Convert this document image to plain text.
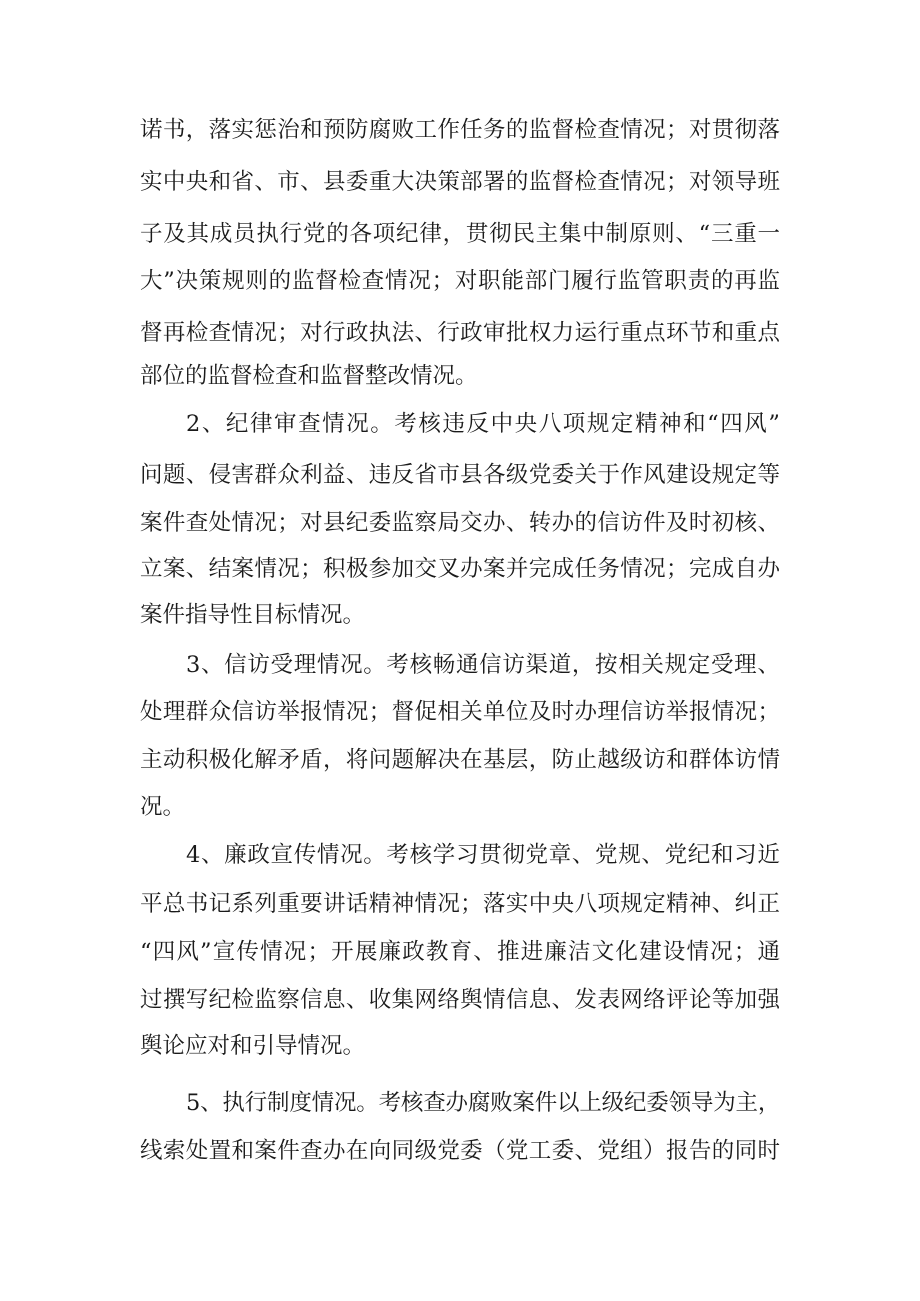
诺书，落实惩治和预防腐败工作任务的监督检查情况；对贯彻落
实中央和省、市、县委重大决策部署的监督检查情况；对领导班
子及其成员执行党的各项纪律，贯彻民主集中制原则、“三重一
大”决策规则的监督检查情况；对职能部门履行监管职责的再监
督再检查情况；对行政执法、行政审批权力运行重点环节和重点
部位的监督检查和监督整改情况。
2、纪律审查情况。考核违反中央八项规定精神和“四风”
问题、侵害群众利益、违反省市县各级党委关于作风建设规定等
案件查处情况；对县纪委监察局交办、转办的信访件及时初核、
立案、结案情况；积极参加交叉办案并完成任务情况；完成自办
案件指导性目标情况。
3、信访受理情况。考核畅通信访渠道，按相关规定受理、
处理群众信访举报情况；督促相关单位及时办理信访举报情况；
主动积极化解矛盾，将问题解决在基层，防止越级访和群体访情
况。
4、廉政宣传情况。考核学习贯彻党章、党规、党纪和习近
平总书记系列重要讲话精神情况；落实中央八项规定精神、纠正
“四风”宣传情况；开展廉政教育、推进廉洁文化建设情况；通
过撰写纪检监察信息、收集网络舆情信息、发表网络评论等加强
舆论应对和引导情况。
5、执行制度情况。考核查办腐败案件以上级纪委领导为主，
线索处置和案件查办在向同级党委（党工委、党组）报告的同时
